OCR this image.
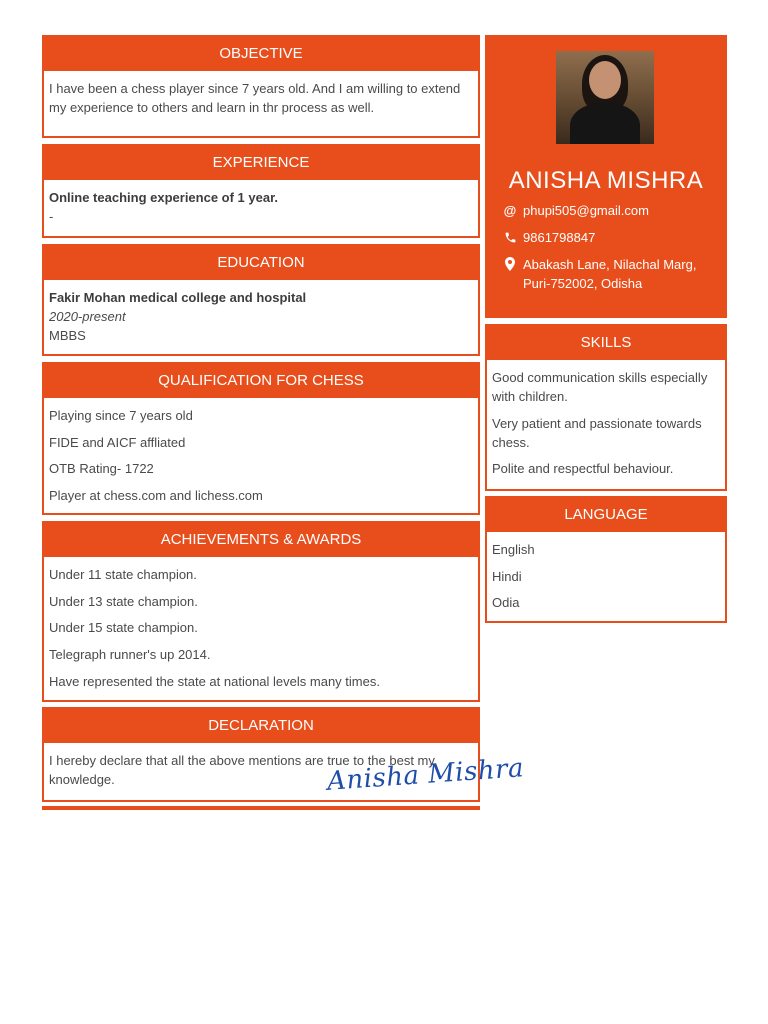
OBJECTIVE

I have been a chess player since 7 years old. And I am willing to extend my experience to others and learn in thr process as well.

EXPERIENCE
Online teaching experience of 1 year.
-
EDUCATION
Fakir Mohan medical college and hospital
2020-present
MBBS
QUALIFICATION FOR CHESS
Playing since 7 years old
FIDE and AICF affliated
OTB Rating- 1722
Player at chess.com and lichess.com
ACHIEVEMENTS & AWARDS
Under 11 state champion.
Under 13 state champion.
Under 15 state champion.
Telegraph runner's up 2014.
Have represented the state at national levels many times.
DECLARATION

I hereby declare that all the above mentions are true to the best my knowledge.	Anisha Mishra
ANISHA MISHRA
@ phupi505@gmail.com
9861798847
Abakash Lane, Nilachal Marg, Puri-752002, Odisha
SKILLS
Good communication skills especially with children.
Very patient and passionate towards chess.
Polite and respectful behaviour.
LANGUAGE
English
Hindi
Odia
